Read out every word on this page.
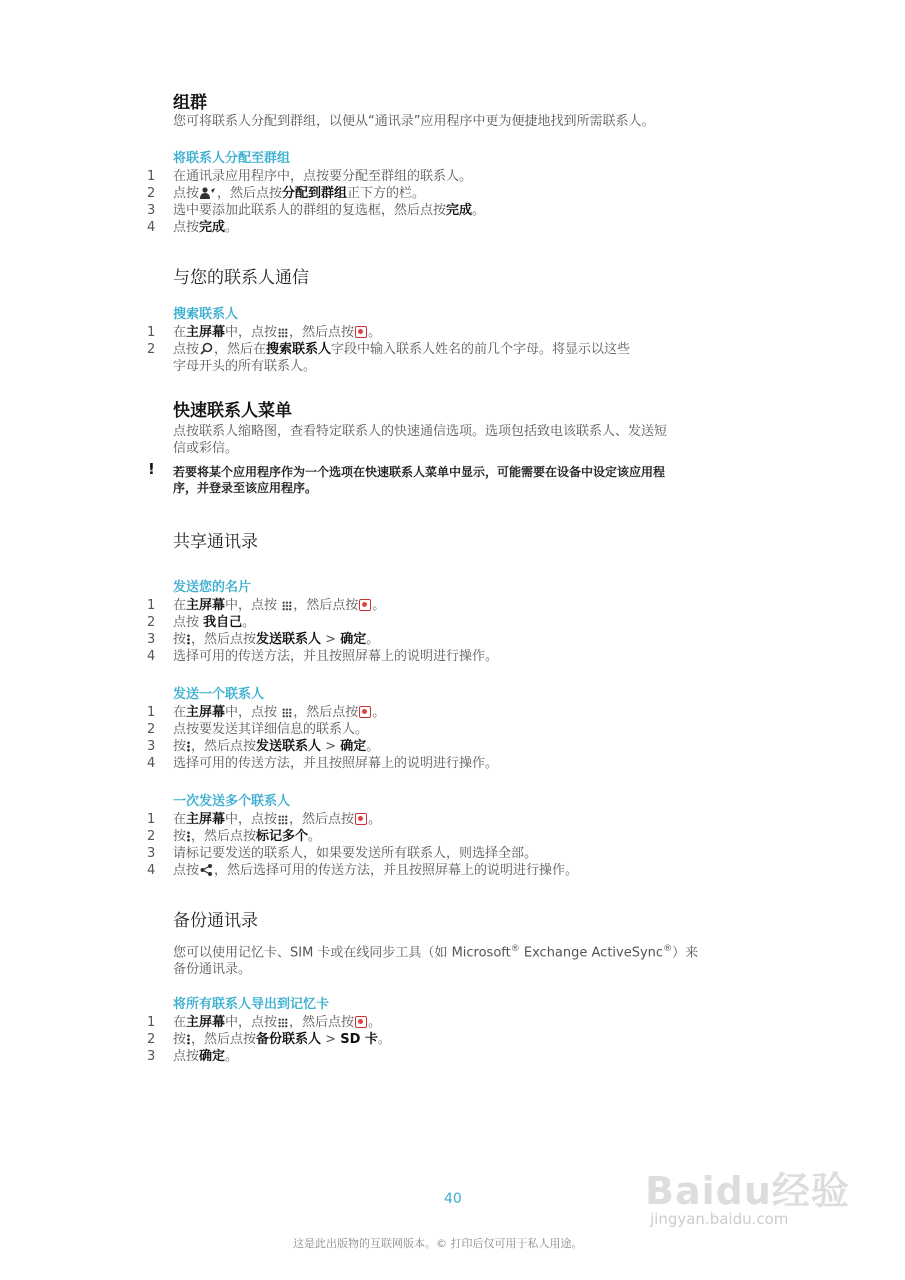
组群
您可将联系人分配到群组，以便从“通讯录”应用程序中更为便捷地找到所需联系人。
将联系人分配至群组
1 在通讯录应用程序中，点按要分配至群组的联系人。
2 点按 ，然后点按分配到群组正下方的栏。
3 选中要添加此联系人的群组的复选框，然后点按完成。
4 点按完成。
与您的联系人通信
搜索联系人
1 在主屏幕中，点按 ，然后点按 。
2 点按 ，然后在搜索联系人字段中输入联系人姓名的前几个字母。将显示以这些
字母开头的所有联系人。
快速联系人菜单
点按联系人缩略图，查看特定联系人的快速通信选项。选项包括致电该联系人、发送短
信或彩信。
! 若要将某个应用程序作为一个选项在快速联系人菜单中显示，可能需要在设备中设定该应用程
序，并登录至该应用程序。
共享通讯录
发送您的名片
1 在主屏幕中，点按 ，然后点按 。
2 点按 我自己。
3 按 ，然后点按发送联系人 > 确定。
4 选择可用的传送方法，并且按照屏幕上的说明进行操作。
发送一个联系人
1 在主屏幕中，点按 ，然后点按 。
2 点按要发送其详细信息的联系人。
3 按 ，然后点按发送联系人 > 确定。
4 选择可用的传送方法，并且按照屏幕上的说明进行操作。
一次发送多个联系人
1 在主屏幕中，点按 ，然后点按 。
2 按 ，然后点按标记多个。
3 请标记要发送的联系人，如果要发送所有联系人，则选择全部。
4 点按 ，然后选择可用的传送方法，并且按照屏幕上的说明进行操作。
备份通讯录
您可以使用记忆卡、SIM 卡或在线同步工具（如 Microsoft® Exchange ActiveSync®）来
备份通讯录。
将所有联系人导出到记忆卡
1 在主屏幕中，点按 ，然后点按 。
2 按 ，然后点按备份联系人 > SD 卡。
3 点按确定。
40
这是此出版物的互联网版本。© 打印后仅可用于私人用途。
Baidu经验
jingyan.baidu.com
